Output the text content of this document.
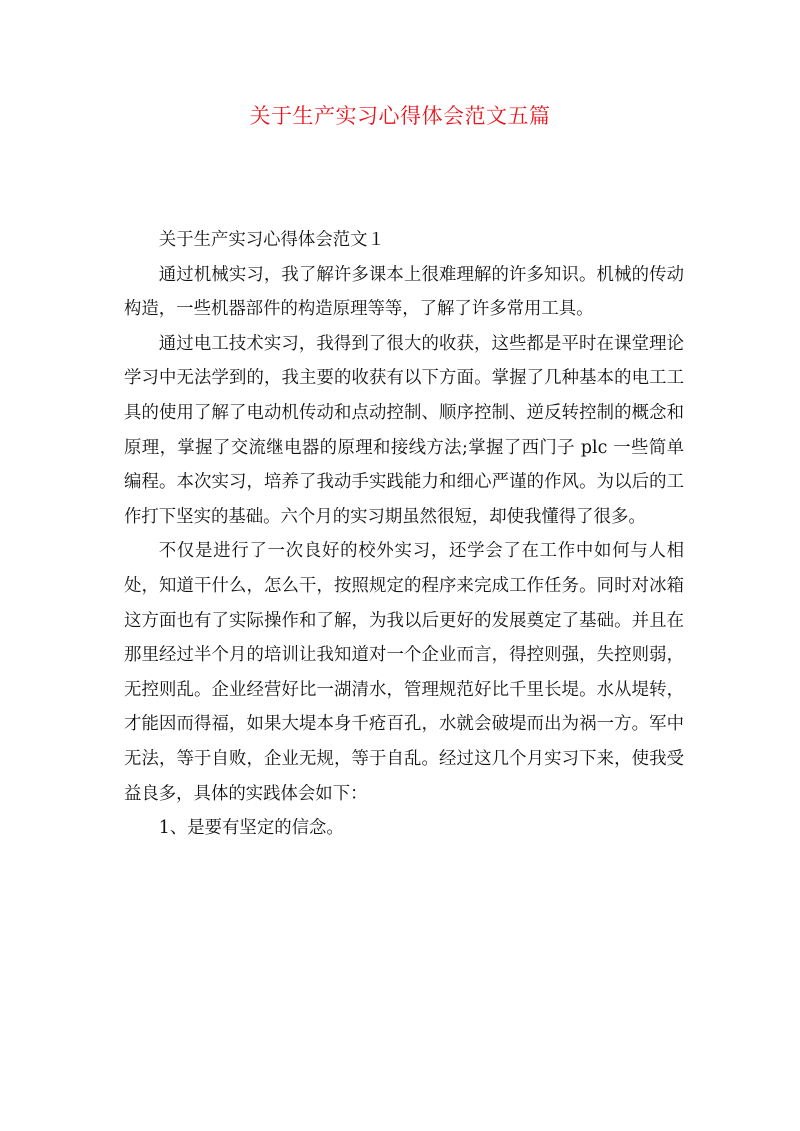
关于生产实习心得体会范文五篇

关于生产实习心得体会范文１

通过机械实习，我了解许多课本上很难理解的许多知识。机械的传动构造，一些机器部件的构造原理等等，了解了许多常用工具。

通过电工技术实习，我得到了很大的收获，这些都是平时在课堂理论学习中无法学到的，我主要的收获有以下方面。掌握了几种基本的电工工具的使用了解了电动机传动和点动控制、顺序控制、逆反转控制的概念和原理，掌握了交流继电器的原理和接线方法;掌握了西门子 plc 一些简单编程。本次实习，培养了我动手实践能力和细心严谨的作风。为以后的工作打下坚实的基础。六个月的实习期虽然很短，却使我懂得了很多。

不仅是进行了一次良好的校外实习，还学会了在工作中如何与人相处，知道干什么，怎么干，按照规定的程序来完成工作任务。同时对冰箱这方面也有了实际操作和了解，为我以后更好的发展奠定了基础。并且在那里经过半个月的培训让我知道对一个企业而言，得控则强，失控则弱，无控则乱。企业经营好比一湖清水，管理规范好比千里长堤。水从堤转，才能因而得福，如果大堤本身千疮百孔，水就会破堤而出为祸一方。军中无法，等于自败，企业无规，等于自乱。经过这几个月实习下来，使我受益良多，具体的实践体会如下：

1、是要有坚定的信念。
